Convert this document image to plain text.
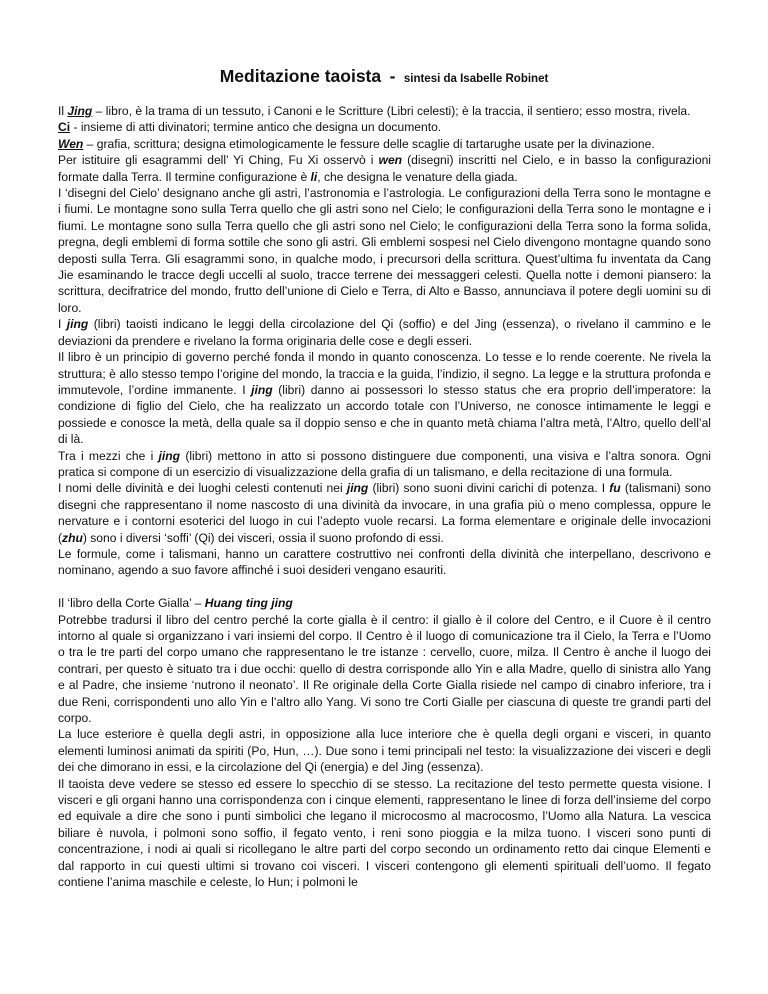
Meditazione taoista - sintesi da Isabelle Robinet

Il Jing – libro, è la trama di un tessuto, i Canoni e le Scritture (Libri celesti); è la traccia, il sentiero; esso mostra, rivela.

Ci - insieme di atti divinatori; termine antico che designa un documento.

Wen – grafia, scrittura; designa etimologicamente le fessure delle scaglie di tartarughe usate per la divinazione.

Per istituire gli esagrammi dell’ Yi Ching, Fu Xi osservò i wen (disegni) inscritti nel Cielo, e in basso la configurazioni formate dalla Terra. Il termine configurazione è li, che designa le venature della giada.

I ‘disegni del Cielo’ designano anche gli astri, l’astronomia e l’astrologia. Le configurazioni della Terra sono le montagne e i fiumi. Le montagne sono sulla Terra quello che gli astri sono nel Cielo; le configurazioni della Terra sono le montagne e i fiumi. Le montagne sono sulla Terra quello che gli astri sono nel Cielo; le configurazioni della Terra sono la forma solida, pregna, degli emblemi di forma sottile che sono gli astri. Gli emblemi sospesi nel Cielo divengono montagne quando sono deposti sulla Terra. Gli esagrammi sono, in qualche modo, i precursori della scrittura. Quest’ultima fu inventata da Cang Jie esaminando le tracce degli uccelli al suolo, tracce terrene dei messaggeri celesti. Quella notte i demoni piansero: la scrittura, decifratrice del mondo, frutto dell’unione di Cielo e Terra, di Alto e Basso, annunciava il potere degli uomini su di loro.

I jing (libri) taoisti indicano le leggi della circolazione del Qi (soffio) e del Jing (essenza), o rivelano il cammino e le deviazioni da prendere e rivelano la forma originaria delle cose e degli esseri.

Il libro è un principio di governo perché fonda il mondo in quanto conoscenza. Lo tesse e lo rende coerente. Ne rivela la struttura; è allo stesso tempo l’origine del mondo, la traccia e la guida, l’indizio, il segno. La legge e la struttura profonda e immutevole, l’ordine immanente. I jing (libri) danno ai possessori lo stesso status che era proprio dell’imperatore: la condizione di figlio del Cielo, che ha realizzato un accordo totale con l’Universo, ne conosce intimamente le leggi e possiede e conosce la metà, della quale sa il doppio senso e che in quanto metà chiama l’altra metà, l’Altro, quello dell’al di là.

Tra i mezzi che i jing (libri) mettono in atto si possono distinguere due componenti, una visiva e l’altra sonora. Ogni pratica si compone di un esercizio di visualizzazione della grafia di un talismano, e della recitazione di una formula.

I nomi delle divinità e dei luoghi celesti contenuti nei jing (libri) sono suoni divini carichi di potenza. I fu (talismani) sono disegni che rappresentano il nome nascosto di una divinità da invocare, in una grafia più o meno complessa, oppure le nervature e i contorni esoterici del luogo in cui l’adepto vuole recarsi. La forma elementare e originale delle invocazioni (zhu) sono i diversi ‘soffi’ (Qi) dei visceri, ossia il suono profondo di essi.

Le formule, come i talismani, hanno un carattere costruttivo nei confronti della divinità che interpellano, descrivono e nominano, agendo a suo favore affinché i suoi desideri vengano esauriti.

Il ‘libro della Corte Gialla’ – Huang ting jing

Potrebbe tradursi il libro del centro perché la corte gialla è il centro: il giallo è il colore del Centro, e il Cuore è il centro intorno al quale si organizzano i vari insiemi del corpo. Il Centro è il luogo di comunicazione tra il Cielo, la Terra e l’Uomo o tra le tre parti del corpo umano che rappresentano le tre istanze : cervello, cuore, milza. Il Centro è anche il luogo dei contrari, per questo è situato tra i due occhi: quello di destra corrisponde allo Yin e alla Madre, quello di sinistra allo Yang e al Padre, che insieme ‘nutrono il neonato’. Il Re originale della Corte Gialla risiede nel campo di cinabro inferiore, tra i due Reni, corrispondenti uno allo Yin e l’altro allo Yang. Vi sono tre Corti Gialle per ciascuna di queste tre grandi parti del corpo.

La luce esteriore è quella degli astri, in opposizione alla luce interiore che è quella degli organi e visceri, in quanto elementi luminosi animati da spiriti (Po, Hun, …). Due sono i temi principali nel testo: la visualizzazione dei visceri e degli dei che dimorano in essi, e la circolazione del Qi (energia) e del Jing (essenza).

Il taoista deve vedere se stesso ed essere lo specchio di se stesso. La recitazione del testo permette questa visione. I visceri e gli organi hanno una corrispondenza con i cinque elementi, rappresentano le linee di forza dell’insieme del corpo ed equivale a dire che sono i punti simbolici che legano il microcosmo al macrocosmo, l’Uomo alla Natura. La vescica biliare è nuvola, i polmoni sono soffio, il fegato vento, i reni sono pioggia e la milza tuono. I visceri sono punti di concentrazione, i nodi ai quali si ricollegano le altre parti del corpo secondo un ordinamento retto dai cinque Elementi e dal rapporto in cui questi ultimi si trovano coi visceri. I visceri contengono gli elementi spirituali dell’uomo. Il fegato contiene l’anima maschile e celeste, lo Hun; i polmoni le
